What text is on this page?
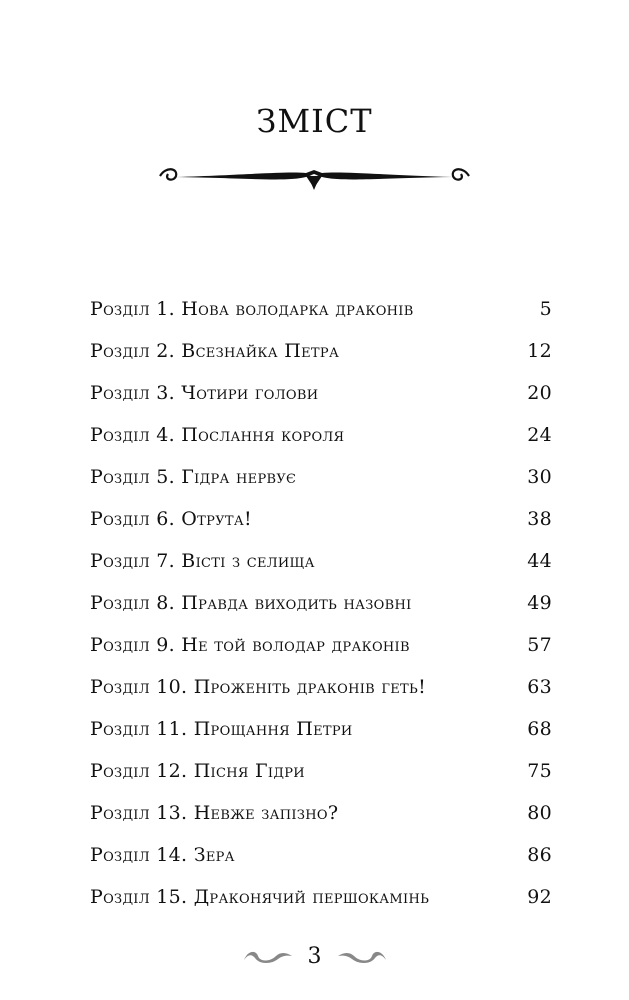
зміст
Розділ 1. Нова володарка драконів	5
Розділ 2. Всезнайка Петра	12
Розділ 3. Чотири голови	20
Розділ 4. Послання короля	24
Розділ 5. Гідра нервує	30
Розділ 6. Отрута!	38
Розділ 7. Вісті з селища	44
Розділ 8. Правда виходить назовні	49
Розділ 9. Не той володар драконів	57
Розділ 10. Проженіть драконів геть!	63
Розділ 11. Прощання Петри	68
Розділ 12. Пісня Гідри	75
Розділ 13. Невже запізно?	80
Розділ 14. Зера	86
Розділ 15. Драконячий першокамінь	92
3
